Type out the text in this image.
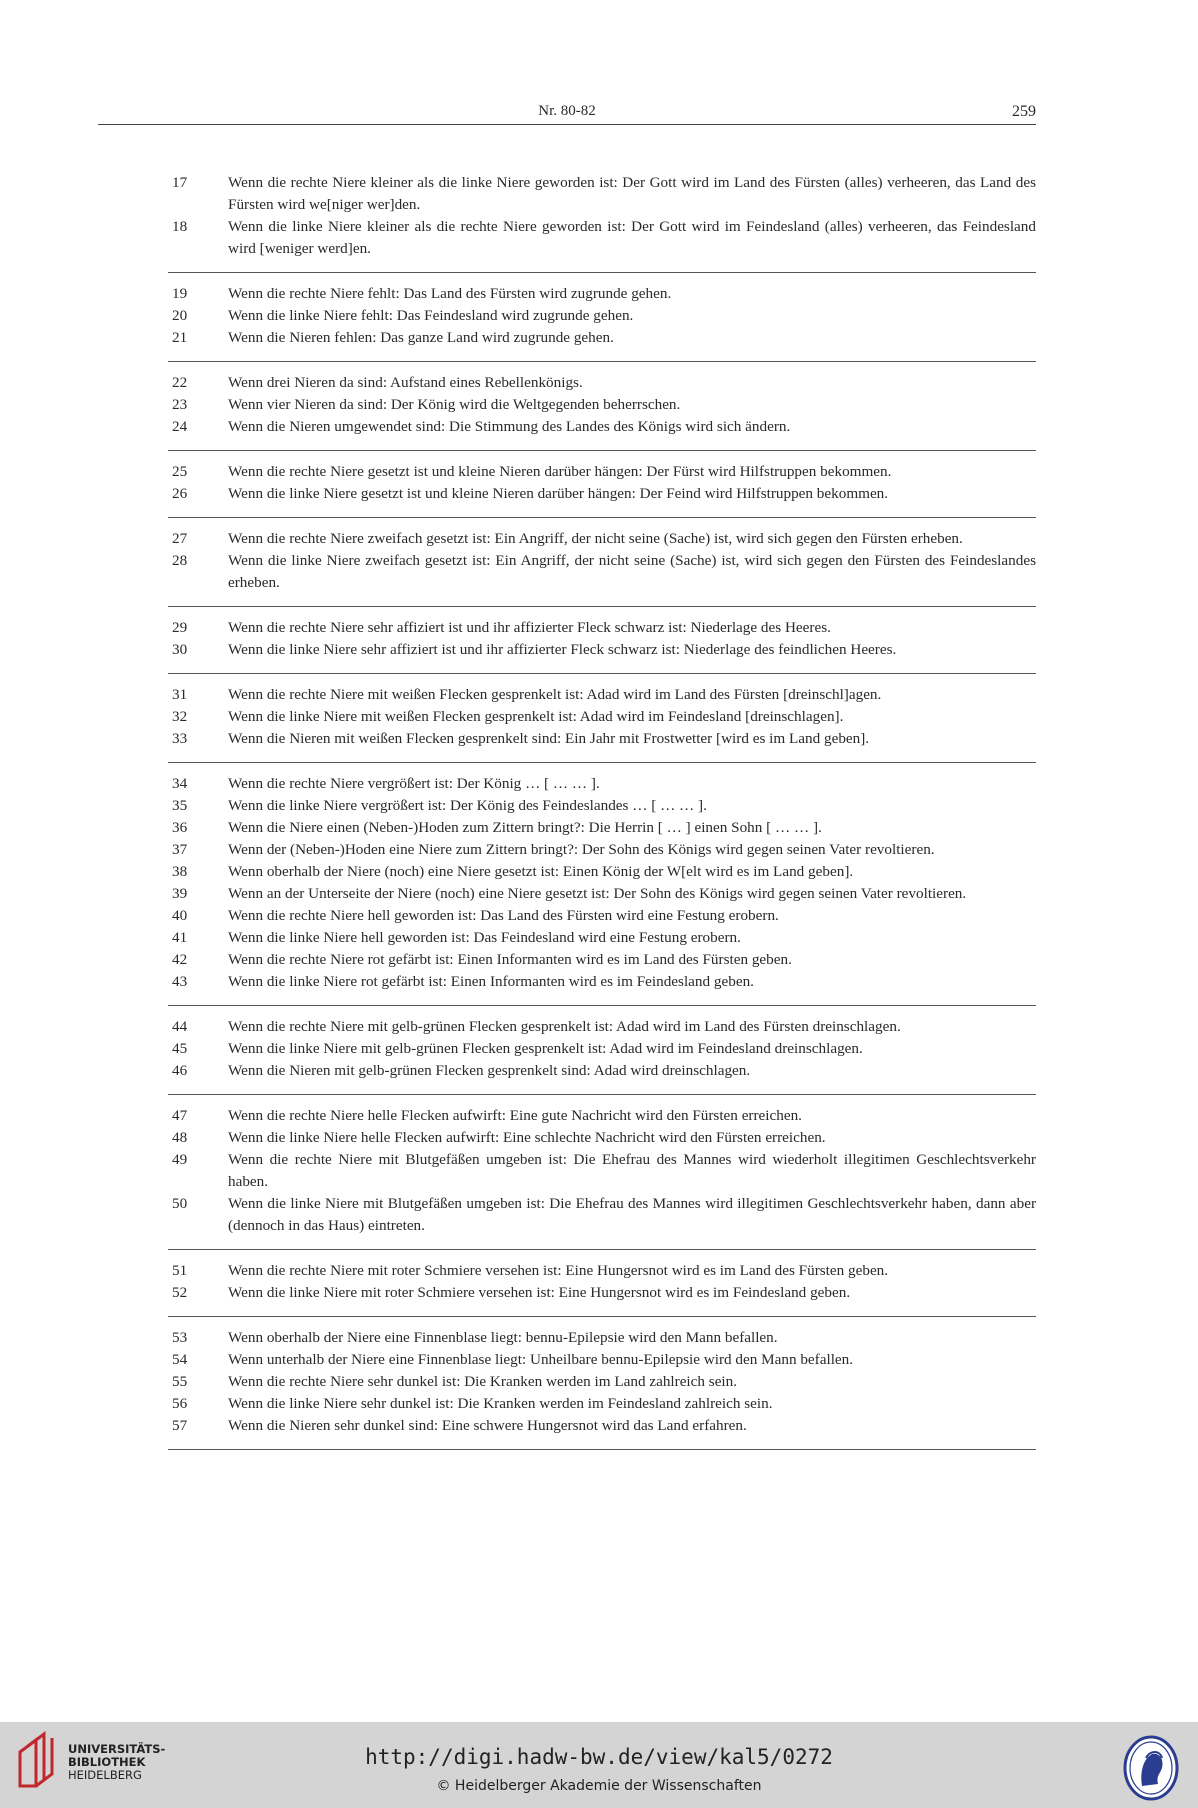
Nr. 80-82	259
17	Wenn die rechte Niere kleiner als die linke Niere geworden ist: Der Gott wird im Land des Fürsten (alles) verheeren, das Land des Fürsten wird we[niger wer]den.
18	Wenn die linke Niere kleiner als die rechte Niere geworden ist: Der Gott wird im Feindesland (alles) verheeren, das Feindesland wird [weniger werd]en.
19	Wenn die rechte Niere fehlt: Das Land des Fürsten wird zugrunde gehen.
20	Wenn die linke Niere fehlt: Das Feindesland wird zugrunde gehen.
21	Wenn die Nieren fehlen: Das ganze Land wird zugrunde gehen.
22	Wenn drei Nieren da sind: Aufstand eines Rebellenkönigs.
23	Wenn vier Nieren da sind: Der König wird die Weltgegenden beherrschen.
24	Wenn die Nieren umgewendet sind: Die Stimmung des Landes des Königs wird sich ändern.
25	Wenn die rechte Niere gesetzt ist und kleine Nieren darüber hängen: Der Fürst wird Hilfstruppen bekommen.
26	Wenn die linke Niere gesetzt ist und kleine Nieren darüber hängen: Der Feind wird Hilfstruppen bekommen.
27	Wenn die rechte Niere zweifach gesetzt ist: Ein Angriff, der nicht seine (Sache) ist, wird sich gegen den Fürsten erheben.
28	Wenn die linke Niere zweifach gesetzt ist: Ein Angriff, der nicht seine (Sache) ist, wird sich gegen den Fürsten des Feindeslandes erheben.
29	Wenn die rechte Niere sehr affiziert ist und ihr affizierter Fleck schwarz ist: Niederlage des Heeres.
30	Wenn die linke Niere sehr affiziert ist und ihr affizierter Fleck schwarz ist: Niederlage des feindlichen Heeres.
31	Wenn die rechte Niere mit weißen Flecken gesprenkelt ist: Adad wird im Land des Fürsten [dreinschl]agen.
32	Wenn die linke Niere mit weißen Flecken gesprenkelt ist: Adad wird im Feindesland [dreinschlagen].
33	Wenn die Nieren mit weißen Flecken gesprenkelt sind: Ein Jahr mit Frostwetter [wird es im Land geben].
34	Wenn die rechte Niere vergrößert ist: Der König … [ … … ].
35	Wenn die linke Niere vergrößert ist: Der König des Feindeslandes … [ … … ].
36	Wenn die Niere einen (Neben-)Hoden zum Zittern bringt?: Die Herrin [ … ] einen Sohn [ … … ].
37	Wenn der (Neben-)Hoden eine Niere zum Zittern bringt?: Der Sohn des Königs wird gegen seinen Vater revoltieren.
38	Wenn oberhalb der Niere (noch) eine Niere gesetzt ist: Einen König der W[elt wird es im Land geben].
39	Wenn an der Unterseite der Niere (noch) eine Niere gesetzt ist: Der Sohn des Königs wird gegen seinen Vater revoltieren.
40	Wenn die rechte Niere hell geworden ist: Das Land des Fürsten wird eine Festung erobern.
41	Wenn die linke Niere hell geworden ist: Das Feindesland wird eine Festung erobern.
42	Wenn die rechte Niere rot gefärbt ist: Einen Informanten wird es im Land des Fürsten geben.
43	Wenn die linke Niere rot gefärbt ist: Einen Informanten wird es im Feindesland geben.
44	Wenn die rechte Niere mit gelb-grünen Flecken gesprenkelt ist: Adad wird im Land des Fürsten dreinschlagen.
45	Wenn die linke Niere mit gelb-grünen Flecken gesprenkelt ist: Adad wird im Feindesland dreinschlagen.
46	Wenn die Nieren mit gelb-grünen Flecken gesprenkelt sind: Adad wird dreinschlagen.
47	Wenn die rechte Niere helle Flecken aufwirft: Eine gute Nachricht wird den Fürsten erreichen.
48	Wenn die linke Niere helle Flecken aufwirft: Eine schlechte Nachricht wird den Fürsten erreichen.
49	Wenn die rechte Niere mit Blutgefäßen umgeben ist: Die Ehefrau des Mannes wird wiederholt illegitimen Geschlechtsverkehr haben.
50	Wenn die linke Niere mit Blutgefäßen umgeben ist: Die Ehefrau des Mannes wird illegitimen Geschlechtsverkehr haben, dann aber (dennoch in das Haus) eintreten.
51	Wenn die rechte Niere mit roter Schmiere versehen ist: Eine Hungersnot wird es im Land des Fürsten geben.
52	Wenn die linke Niere mit roter Schmiere versehen ist: Eine Hungersnot wird es im Feindesland geben.
53	Wenn oberhalb der Niere eine Finnenblase liegt: bennu-Epilepsie wird den Mann befallen.
54	Wenn unterhalb der Niere eine Finnenblase liegt: Unheilbare bennu-Epilepsie wird den Mann befallen.
55	Wenn die rechte Niere sehr dunkel ist: Die Kranken werden im Land zahlreich sein.
56	Wenn die linke Niere sehr dunkel ist: Die Kranken werden im Feindesland zahlreich sein.
57	Wenn die Nieren sehr dunkel sind: Eine schwere Hungersnot wird das Land erfahren.
UNIVERSITÄTS-
BIBLIOTHEK
HEIDELBERG
http://digi.hadw-bw.de/view/kal5/0272
© Heidelberger Akademie der Wissenschaften
